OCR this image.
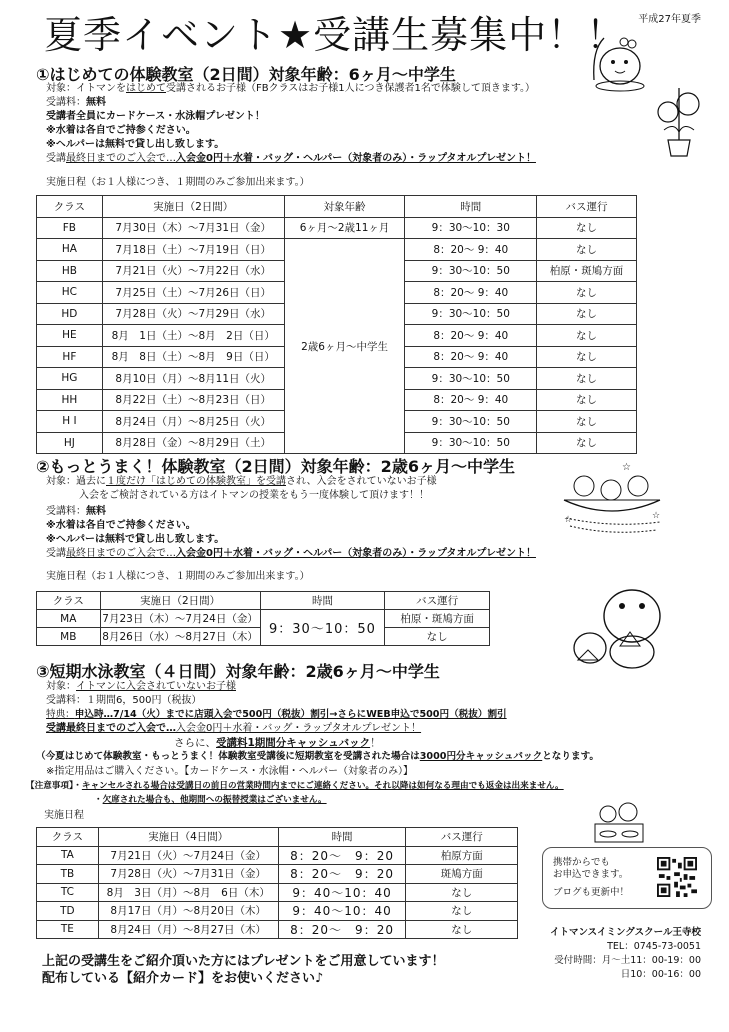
夏季イベント★受講生募集中！！ 平成27年夏季
☆
☆	☆
①はじめての体験教室（2日間）対象年齢：6ヶ月～中学生
対象：イトマンをはじめて受講されるお子様（FBクラスはお子様1人につき保護者1名で体験して頂きます。）
受講料：無料
受講者全員にカードケース・水泳帽プレゼント！
※水着は各自でご持参ください。
※ヘルパーは無料で貸し出し致します。
受講最終日までのご入会で…入会金0円＋水着・バッグ・ヘルパー（対象者のみ）・ラップタオルプレゼント！
実施日程（お１人様につき、１期間のみご参加出来ます。）
クラス	実施日（2日間）	対象年齢	時間	バス運行
FB	7月30日（木）～7月31日（金）	6ヶ月～2歳11ヶ月	9：30～10：30	なし
HA	7月18日（土）～7月19日（日）	2歳6ヶ月～中学生	8：20～ 9：40	なし
HB	7月21日（火）～7月22日（水）		9：30～10：50	柏原・斑鳩方面
HC	7月25日（土）～7月26日（日）		8：20～ 9：40	なし
HD	7月28日（火）～7月29日（水）		9：30～10：50	なし
HE	8月　1日（土）～8月　2日（日）		8：20～ 9：40	なし
HF	8月　8日（土）～8月　9日（日）		8：20～ 9：40	なし
HG	8月10日（月）～8月11日（火）		9：30～10：50	なし
HH	8月22日（土）～8月23日（日）		8：20～ 9：40	なし
H I	8月24日（月）～8月25日（火）		9：30～10：50	なし
HJ	8月28日（金）～8月29日（土）		9：30～10：50	なし
②もっとうまく！体験教室（2日間）対象年齢：2歳6ヶ月～中学生
対象：過去に１度だけ「はじめての体験教室」を受講され、入会をされていないお子様
入会をご検討されている方はイトマンの授業をもう一度体験して頂けます！！
受講料：無料
※水着は各自でご持参ください。
※ヘルパーは無料で貸し出し致します。
受講最終日までのご入会で…入会金0円＋水着・バッグ・ヘルパー（対象者のみ）・ラップタオルプレゼント！
実施日程（お１人様につき、１期間のみご参加出来ます。）
クラス	実施日（2日間）	時間	バス運行
MA	7月23日（木）～7月24日（金）	9：30～10：50	柏原・斑鳩方面
MB	8月26日（水）～8月27日（木）		なし
③短期水泳教室（４日間）対象年齢：2歳6ヶ月～中学生
対象：イトマンに入会されていないお子様
受講料：１期間6，500円（税抜）
特典：申込時…7/14（火）までに店頭入会で500円（税抜）割引→さらにWEB申込で500円（税抜）割引
受講最終日までのご入会で…入会金0円＋水着・バッグ・ラップタオルプレゼント！
さらに、受講料1期間分キャッシュバック！
（今夏はじめて体験教室・もっとうまく！体験教室受講後に短期教室を受講された場合は3000円分キャッシュバックとなります。
※指定用品はご購入ください。【カードケース・水泳帽・ヘルパー（対象者のみ）】
【注意事項】・キャンセルされる場合は受講日の前日の営業時間内までにご連絡ください。それ以降は如何なる理由でも返金は出来ません。
・欠席された場合も、他期間への振替授業はございません。
実施日程
クラス	実施日（4日間）	時間	バス運行
TA	7月21日（火）～7月24日（金）	8：20～　9：20	柏原方面
TB	7月28日（火）～7月31日（金）	8：20～　9：20	斑鳩方面
TC	8月　3日（月）～8月　6日（木）	9：40～10：40	なし
TD	8月17日（月）～8月20日（木）	9：40～10：40	なし
TE	8月24日（月）～8月27日（木）	8：20～　9：20	なし
携帯からでも
お申込できます。
ブログも更新中！
イトマンスイミングスクール王寺校
TEL：0745-73-0051
受付時間：月～土11：00-19：00
日10：00-16：00
上記の受講生をご紹介頂いた方にはプレゼントをご用意しています！
配布している【紹介カード】をお使いください♪
